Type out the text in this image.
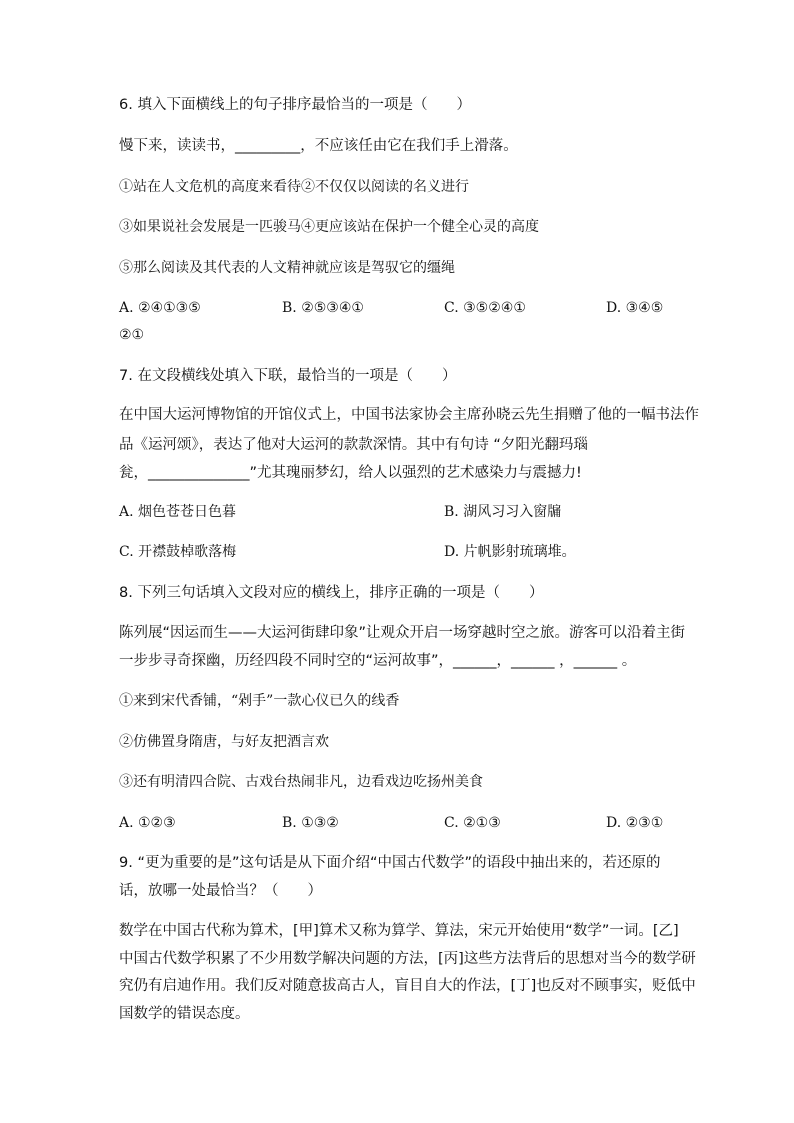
6. 填入下面横线上的句子排序最恰当的一项是（　　）
慢下来，读读书，_________，不应该任由它在我们手上滑落。
①站在人文危机的高度来看待②不仅仅以阅读的名义进行
③如果说社会发展是一匹骏马④更应该站在保护一个健全心灵的高度
⑤那么阅读及其代表的人文精神就应该是驾驭它的缰绳
A. ②④①③⑤	B. ②⑤③④①	C. ③⑤②④①	D. ③④⑤
②①
7. 在文段横线处填入下联，最恰当的一项是（　　）
在中国大运河博物馆的开馆仪式上，中国书法家协会主席孙晓云先生捐赠了他的一幅书法作
品《运河颂》，表达了他对大运河的款款深情。其中有句诗 “夕阳光翻玛瑙
瓮，______________”尤其瑰丽梦幻，给人以强烈的艺术感染力与震撼力!
A. 烟色苍苍日色暮	B. 湖风习习入窗牖
C. 开襟鼓棹歌落梅	D. 片帆影射琉璃堆。
8. 下列三句话填入文段对应的横线上，排序正确的一项是（　　）
陈列展“因运而生——大运河街肆印象”让观众开启一场穿越时空之旅。游客可以沿着主街
一步步寻奇探幽，历经四段不同时空的“运河故事”，______，______ ，______ 。
①来到宋代香铺，“剁手”一款心仪已久的线香
②仿佛置身隋唐，与好友把酒言欢
③还有明清四合院、古戏台热闹非凡，边看戏边吃扬州美食
A. ①②③	B. ①③②	C. ②①③	D. ②③①
9. “更为重要的是”这句话是从下面介绍“中国古代数学”的语段中抽出来的，若还原的
话，放哪一处最恰当？（　　）
数学在中国古代称为算术，[甲]算术又称为算学、算法，宋元开始使用“数学”一词。[乙]
中国古代数学积累了不少用数学解决问题的方法，[丙]这些方法背后的思想对当今的数学研
究仍有启迪作用。我们反对随意拔高古人，盲目自大的作法，[丁]也反对不顾事实，贬低中
国数学的错误态度。
